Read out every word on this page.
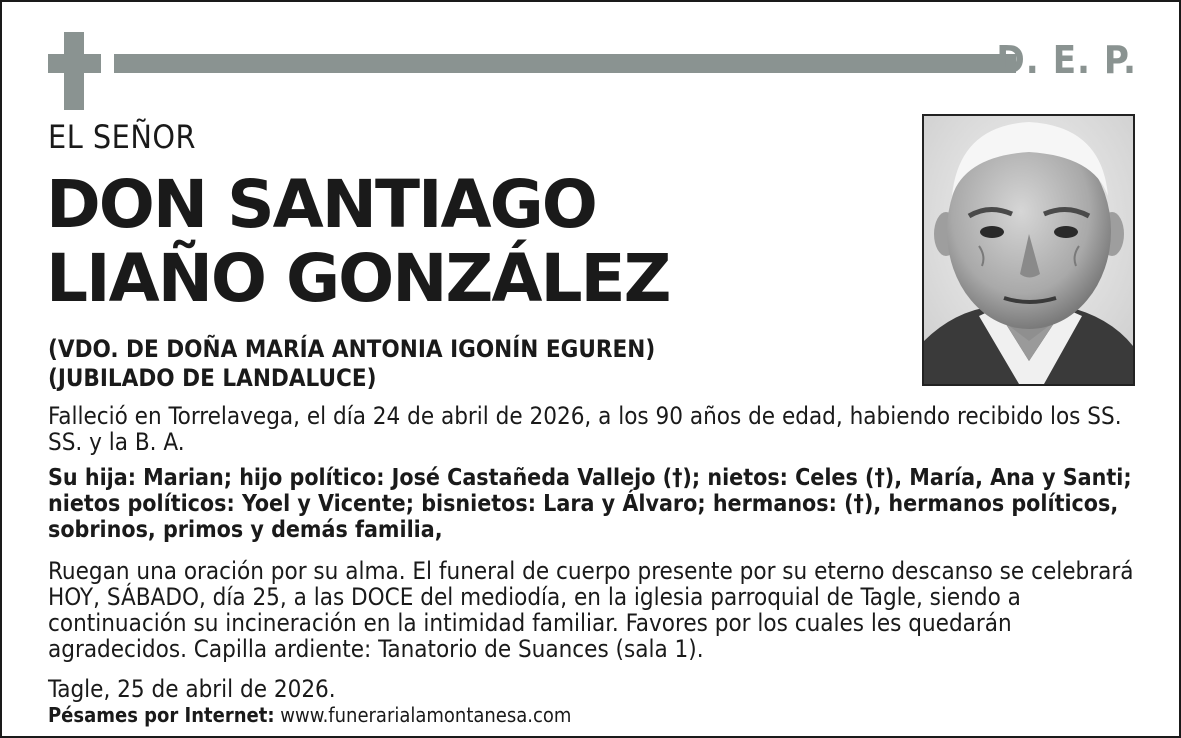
D. E. P.
EL SEÑOR
DON SANTIAGO
LIAÑO GONZÁLEZ
(VDO. DE DOÑA MARÍA ANTONIA IGONÍN EGUREN)
(JUBILADO DE LANDALUCE)
Falleció en Torrelavega, el día 24 de abril de 2026, a los 90 años de edad, habiendo recibido los SS. SS. y la B. A.
Su hija: Marian; hijo político: José Castañeda Vallejo (†); nietos: Celes (†), María, Ana y Santi; nietos políticos: Yoel y Vicente; bisnietos: Lara y Álvaro; hermanos: (†), hermanos políticos, sobrinos, primos y demás familia,
Ruegan una oración por su alma. El funeral de cuerpo presente por su eterno descanso se celebrará HOY, SÁBADO, día 25, a las DOCE del mediodía, en la iglesia parroquial de Tagle, siendo a continuación su incineración en la intimidad familiar. Favores por los cuales les quedarán agradecidos. Capilla ardiente: Tanatorio de Suances (sala 1).
Tagle, 25 de abril de 2026.
Pésames por Internet: www.funerarialamontanesa.com
